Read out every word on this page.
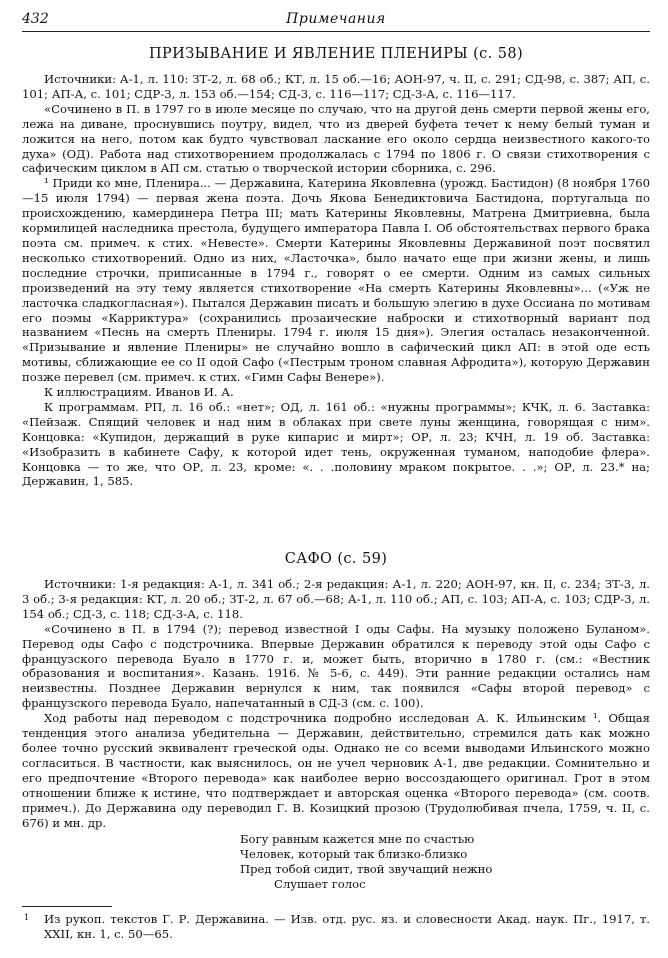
432	Примечания
ПРИЗЫВАНИЕ И ЯВЛЕНИЕ ПЛЕНИРЫ (с. 58)

Источники: А-1, л. 110: ЗТ-2, л. 68 об.; КТ, л. 15 об.—16; АОН-97, ч. II, с. 291; СД-98, с. 387; АП, с. 101; АП-А, с. 101; СДР-3, л. 153 об.—154; СД-3, с. 116—117; СД-3-А, с. 116—117.

«Сочинено в П. в 1797 го в июле месяце по случаю, что на другой день смерти первой жены его, лежа на диване, проснувшись поутру, видел, что из дверей буфета течет к нему белый туман и ложится на него, потом как будто чувствовал ласкание его около сердца неизвестного какого-то духа» (ОД). Работа над стихотворением продолжалась с 1794 по 1806 г. О связи стихотворения с сафическим циклом в АП см. статью о творческой истории сборника, с. 296.

¹ Приди ко мне, Пленира... — Державина, Катерина Яковлевна (урожд. Бастидон) (8 ноября 1760—15 июля 1794) — первая жена поэта. Дочь Якова Бенедиктовича Бастидона, португальца по происхождению, камердинера Петра III; мать Катерины Яковлевны, Матрена Дмитриевна, была кормилицей наследника престола, будущего императора Павла I. Об обстоятельствах первого брака поэта см. примеч. к стих. «Невесте». Смерти Катерины Яковлевны Державиной поэт посвятил несколько стихотворений. Одно из них, «Ласточка», было начато еще при жизни жены, и лишь последние строчки, приписанные в 1794 г., говорят о ее смерти. Одним из самых сильных произведений на эту тему является стихотворение «На смерть Катерины Яковлевны»... («Уж не ласточка сладкогласная»). Пытался Державин писать и большую элегию в духе Оссиана по мотивам его поэмы «Карриктура» (сохранились прозаические наброски и стихотворный вариант под названием «Песнь на смерть Плениры. 1794 г. июля 15 дня»). Элегия осталась незаконченной. «Призывание и явление Плениры» не случайно вошло в сафический цикл АП: в этой оде есть мотивы, сближающие ее со II одой Сафо («Пестрым троном славная Афродита»), которую Державин позже перевел (см. примеч. к стих. «Гимн Сафы Венере»).

К иллюстрациям. Иванов И. А.

К программам. РП, л. 16 об.: «нет»; ОД, л. 161 об.: «нужны программы»; КЧК, л. 6. Заставка: «Пейзаж. Спящий человек и над ним в облаках при свете луны женщина, говорящая с ним». Концовка: «Купидон, держащий в руке кипарис и мирт»; ОР, л. 23; КЧН, л. 19 об. Заставка: «Изобразить в кабинете Сафу, к которой идет тень, окруженная туманом, наподобие флера». Концовка — то же, что ОР, л. 23, кроме: «. . .половину мраком покрытое. . .»; ОР, л. 23.* на; Державин, 1, 585.

САФО (с. 59)

Источники: 1-я редакция: А-1, л. 341 об.; 2-я редакция: А-1, л. 220; АОН-97, кн. II, с. 234; ЗТ-3, л. 3 об.; 3-я редакция: КТ, л. 20 об.; ЗТ-2, л. 67 об.—68; А-1, л. 110 об.; АП, с. 103; АП-А, с. 103; СДР-3, л. 154 об.; СД-3, с. 118; СД-3-А, с. 118.

«Сочинено в П. в 1794 (?); перевод известной I оды Сафы. На музыку положено Буланом». Перевод оды Сафо с подстрочника. Впервые Державин обратился к переводу этой оды Сафо с французского перевода Буало в 1770 г. и, может быть, вторично в 1780 г. (см.: «Вестник образования и воспитания». Казань. 1916. № 5-6, с. 449). Эти ранние редакции остались нам неизвестны. Позднее Державин вернулся к ним, так появился «Сафы второй перевод» с французского перевода Буало, напечатанный в СД-3 (см. с. 100).

Ход работы над переводом с подстрочника подробно исследован А. К. Ильинским ¹. Общая тенденция этого анализа убедительна — Державин, действительно, стремился дать как можно более точно русский эквивалент греческой оды. Однако не со всеми выводами Ильинского можно согласиться. В частности, как выяснилось, он не учел черновик А-1, две редакции. Сомнительно и его предпочтение «Второго перевода» как наиболее верно воссоздающего оригинал. Грот в этом отношении ближе к истине, что подтверждает и авторская оценка «Второго перевода» (см. соотв. примеч.). До Державина оду переводил Г. В. Козицкий прозою (Трудолюбивая пчела, 1759, ч. II, с. 676) и мн. др.

Богу равным кажется мне по счастью
Человек, который так близко-близко
Пред тобой сидит, твой звучащий нежно
Слушает голос

1 Из рукоп. текстов Г. Р. Державина. — Изв. отд. рус. яз. и словесности Акад. наук. Пг., 1917, т. XXII, кн. 1, с. 50—65.
